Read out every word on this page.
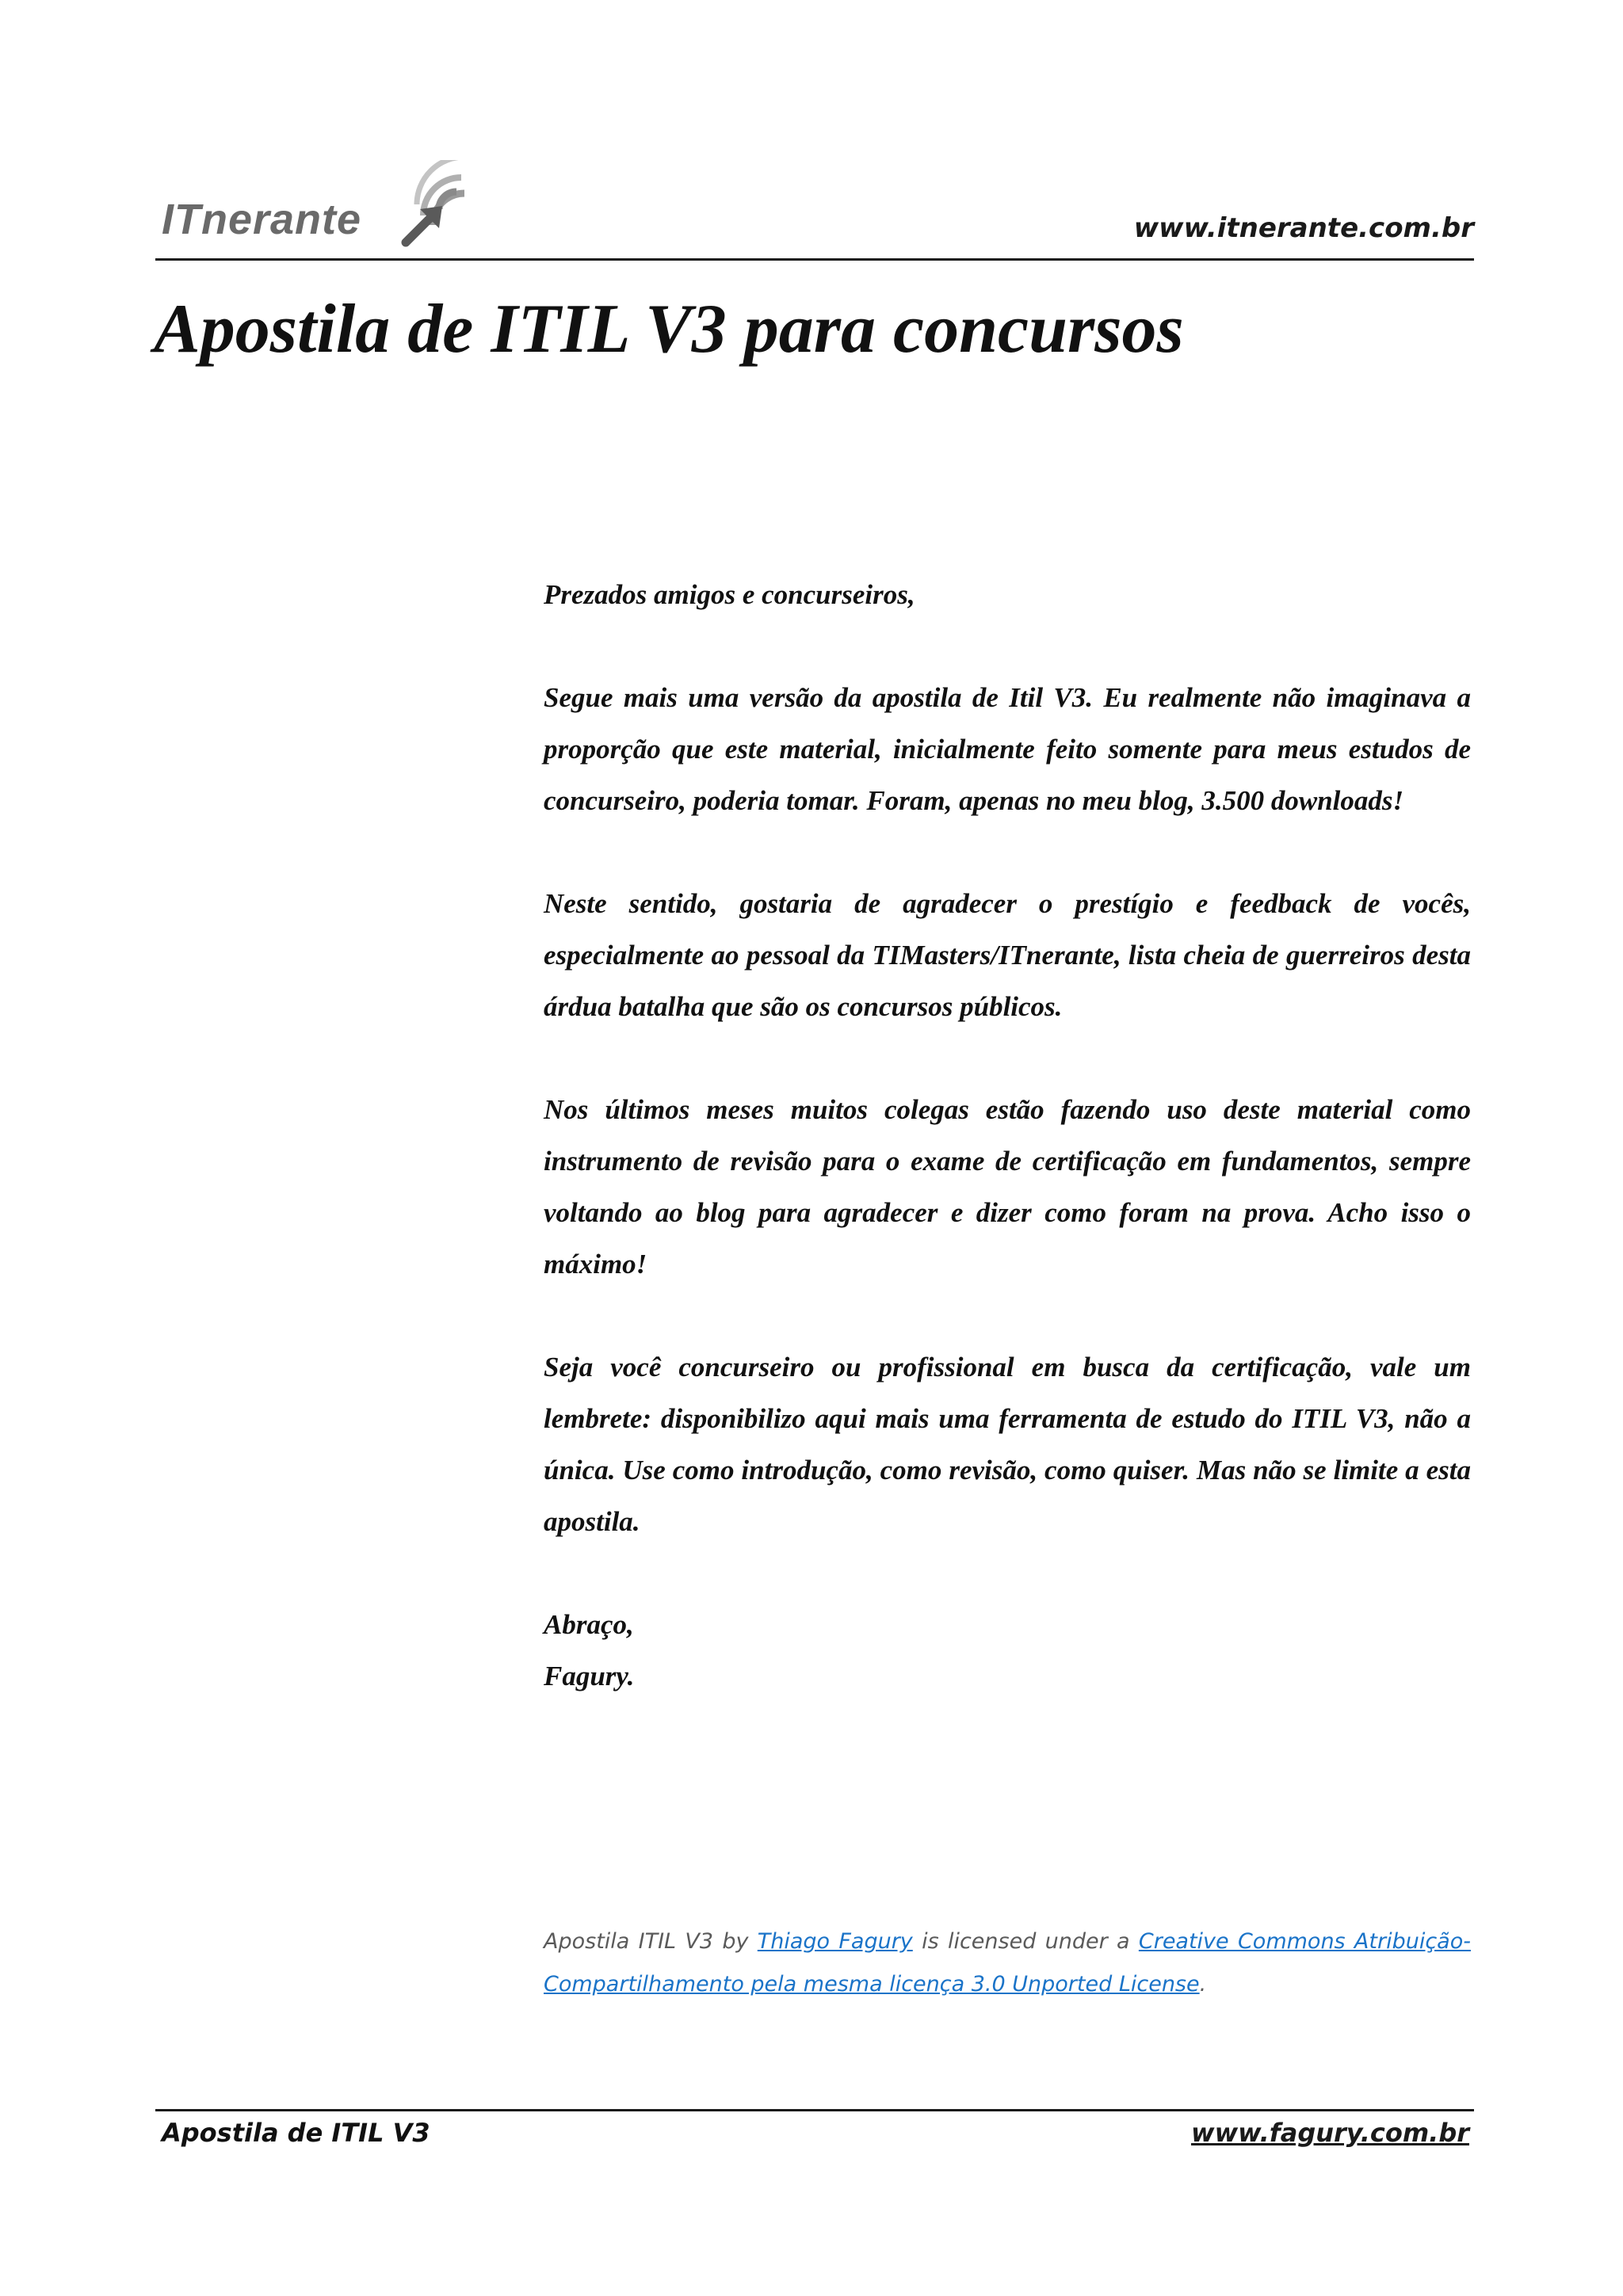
ITnerante	www.itnerante.com.br
Apostila de ITIL V3 para concursos

Prezados amigos e concurseiros,

Segue mais uma versão da apostila de Itil V3. Eu realmente não imaginava a proporção que este material, inicialmente feito somente para meus estudos de concurseiro, poderia tomar. Foram, apenas no meu blog, 3.500 downloads!

Neste sentido, gostaria de agradecer o prestígio e feedback de vocês, especialmente ao pessoal da TIMasters/ITnerante, lista cheia de guerreiros desta árdua batalha que são os concursos públicos.

Nos últimos meses muitos colegas estão fazendo uso deste material como instrumento de revisão para o exame de certificação em fundamentos, sempre voltando ao blog para agradecer e dizer como foram na prova. Acho isso o máximo!

Seja você concurseiro ou profissional em busca da certificação, vale um lembrete: disponibilizo aqui mais uma ferramenta de estudo do ITIL V3, não a única. Use como introdução, como revisão, como quiser. Mas não se limite a esta apostila.

Abraço,

Fagury.

Apostila ITIL V3 by Thiago Fagury is licensed under a Creative Commons Atribuição-Compartilhamento pela mesma licença 3.0 Unported License.

Apostila de ITIL V3	www.fagury.com.br
